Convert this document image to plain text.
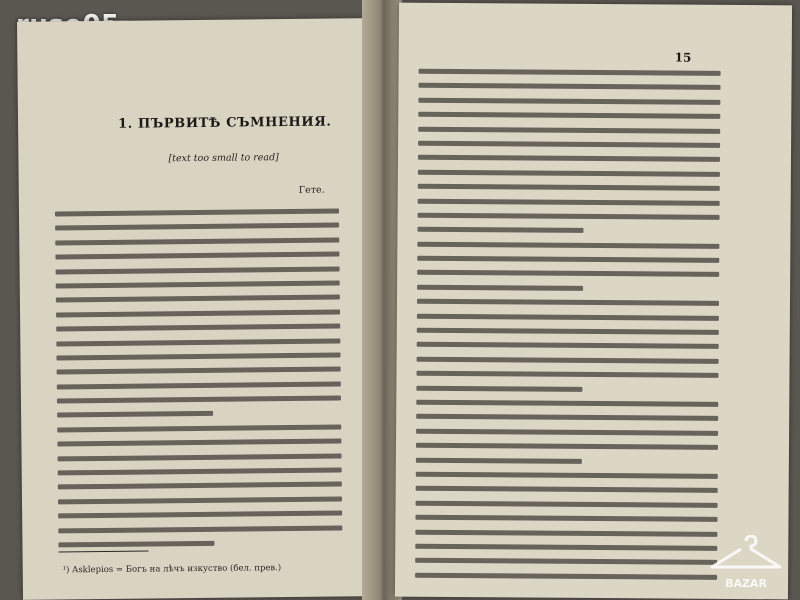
1. ПЪРВИТѢ СЪМНЕНИЯ.
[text too small to read]
Гете.
¹) Asklepios = Богъ на лѣчъ изкуство (бел. прев.)
15
BAZAR
